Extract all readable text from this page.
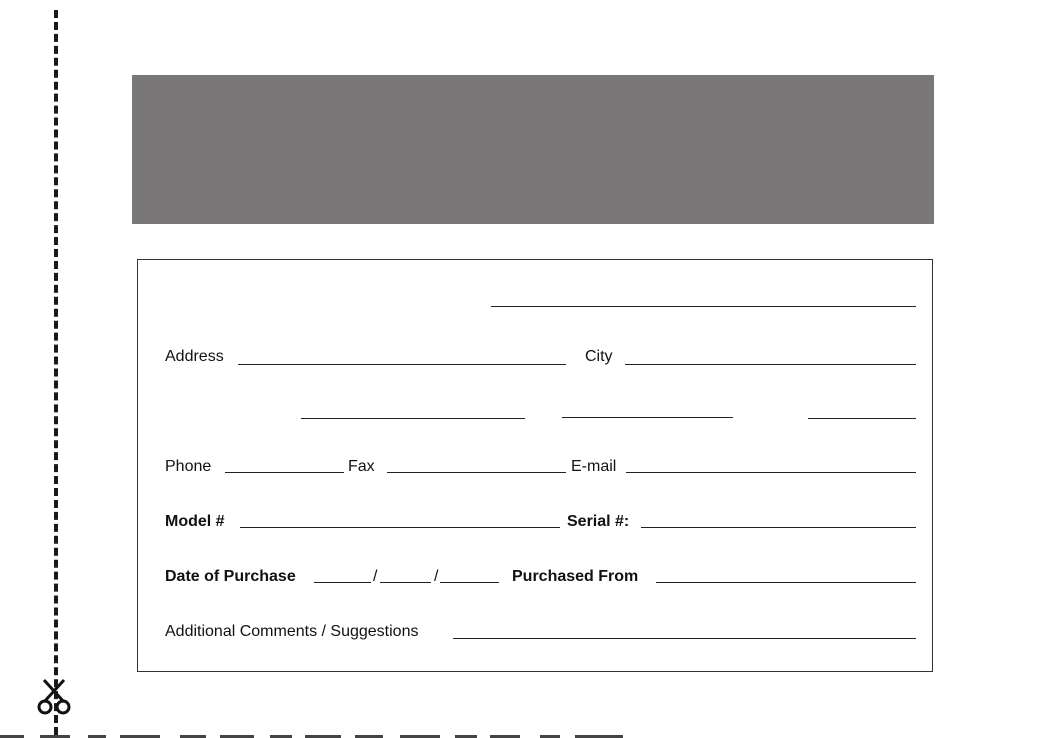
Address	City
Phone	Fax	E-mail
Model #	Serial #:
Date of Purchase	/	/	Purchased From
Additional Comments / Suggestions
